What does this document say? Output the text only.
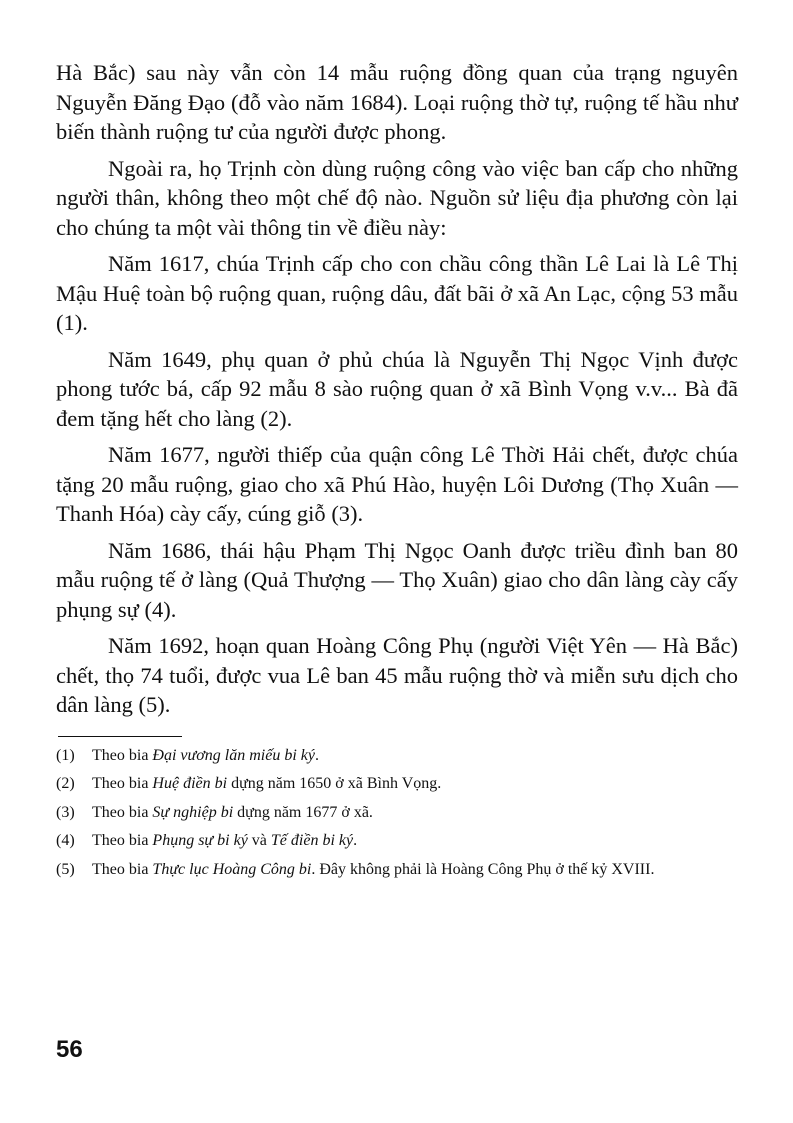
Hà Bắc) sau này vẫn còn 14 mẫu ruộng đồng quan của trạng nguyên Nguyễn Đăng Đạo (đỗ vào năm 1684). Loại ruộng thờ tự, ruộng tế hầu như biến thành ruộng tư của người được phong.

Ngoài ra, họ Trịnh còn dùng ruộng công vào việc ban cấp cho những người thân, không theo một chế độ nào. Nguồn sử liệu địa phương còn lại cho chúng ta một vài thông tin về điều này:

Năm 1617, chúa Trịnh cấp cho con chầu công thần Lê Lai là Lê Thị Mậu Huệ toàn bộ ruộng quan, ruộng dâu, đất bãi ở xã An Lạc, cộng 53 mẫu (1).

Năm 1649, phụ quan ở phủ chúa là Nguyễn Thị Ngọc Vịnh được phong tước bá, cấp 92 mẫu 8 sào ruộng quan ở xã Bình Vọng v.v... Bà đã đem tặng hết cho làng (2).

Năm 1677, người thiếp của quận công Lê Thời Hải chết, được chúa tặng 20 mẫu ruộng, giao cho xã Phú Hào, huyện Lôi Dương (Thọ Xuân — Thanh Hóa) cày cấy, cúng giỗ (3).

Năm 1686, thái hậu Phạm Thị Ngọc Oanh được triều đình ban 80 mẫu ruộng tế ở làng (Quả Thượng — Thọ Xuân) giao cho dân làng cày cấy phụng sự (4).

Năm 1692, hoạn quan Hoàng Công Phụ (người Việt Yên — Hà Bắc) chết, thọ 74 tuổi, được vua Lê ban 45 mẫu ruộng thờ và miễn sưu dịch cho dân làng (5).

(1)	Theo bia Đại vương lăn miếu bi ký.
(2)	Theo bia Huệ điền bi dựng năm 1650 ở xã Bình Vọng.
(3)	Theo bia Sự nghiệp bi dựng năm 1677 ở xã.
(4)	Theo bia Phụng sự bi ký và Tế điền bi ký.
(5)	Theo bia Thực lục Hoàng Công bi. Đây không phải là Hoàng Công Phụ ở thế kỷ XVIII.
56
